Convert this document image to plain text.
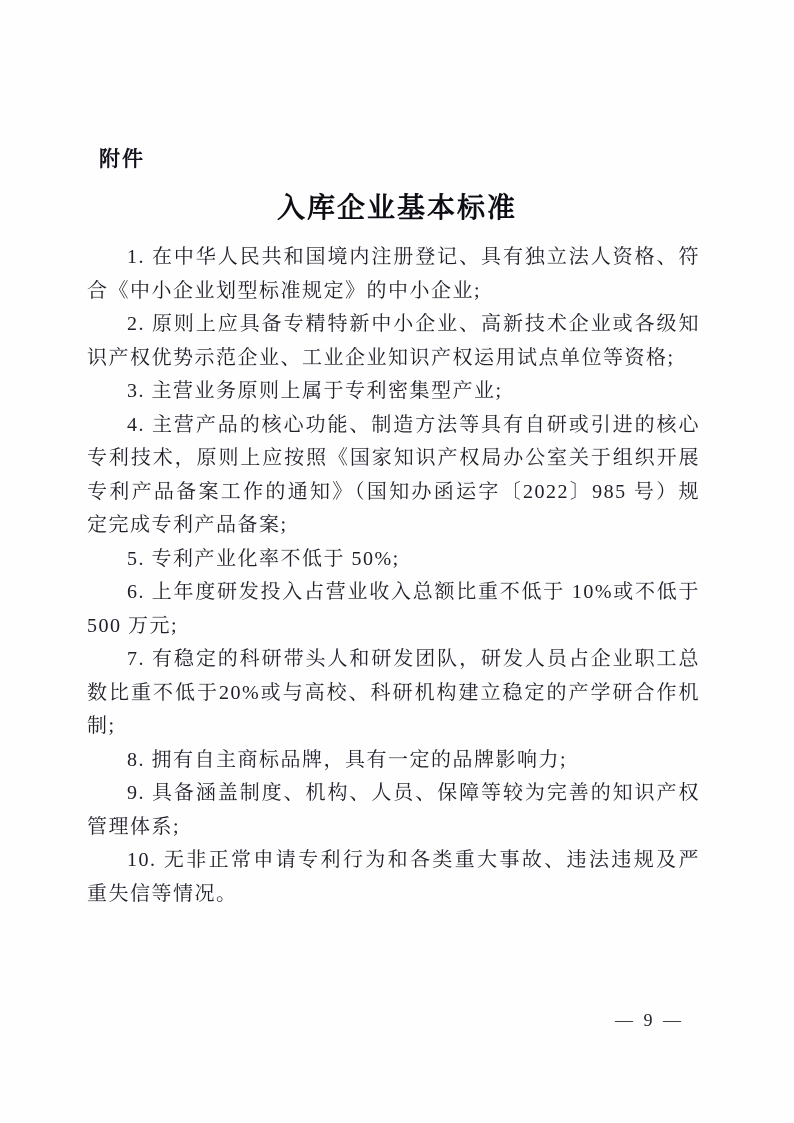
附件
入库企业基本标准

1. 在中华人民共和国境内注册登记、具有独立法人资格、符合《中小企业划型标准规定》的中小企业;

2. 原则上应具备专精特新中小企业、高新技术企业或各级知识产权优势示范企业、工业企业知识产权运用试点单位等资格;

3. 主营业务原则上属于专利密集型产业;

4. 主营产品的核心功能、制造方法等具有自研或引进的核心专利技术，原则上应按照《国家知识产权局办公室关于组织开展专利产品备案工作的通知》（国知办函运字〔2022〕985 号）规定完成专利产品备案;

5. 专利产业化率不低于 50%;

6. 上年度研发投入占营业收入总额比重不低于 10%或不低于 500 万元;

7. 有稳定的科研带头人和研发团队，研发人员占企业职工总数比重不低于20%或与高校、科研机构建立稳定的产学研合作机制;

8. 拥有自主商标品牌，具有一定的品牌影响力;

9. 具备涵盖制度、机构、人员、保障等较为完善的知识产权管理体系;

10. 无非正常申请专利行为和各类重大事故、违法违规及严重失信等情况。

— 9 —
